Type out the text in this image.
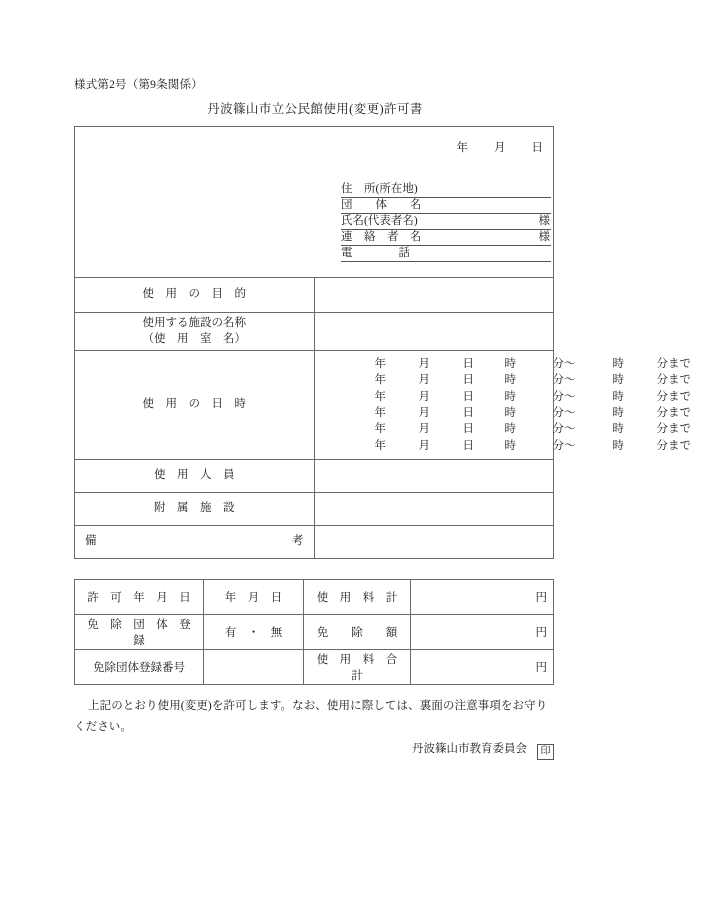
様式第2号（第9条関係）
丹波篠山市立公民館使用(変更)許可書
年 月 日
住　所(所在地)
団　　体　　名
氏名(代表者名)	様
連　絡　者　名	様
電　　　　話

使　用　の　目　的	

使用する施設の名称
（使　用　室　名）	

使　用　の　日　時	
年	月	日	時	分〜	時	分まで
年	月	日	時	分〜	時	分まで
年	月	日	時	分〜	時	分まで
年	月	日	時	分〜	時	分まで
年	月	日	時	分〜	時	分まで
年	月	日	時	分〜	時	分まで

使　用　人　員	
附　属　施　設	
備考	
許　可　年　月　日	年　月　日	使　用　料　計	円
免　除　団　体　登　録	有　・　無	免　　除　　額	円
免除団体登録番号		使　用　料　合　計	円
上記のとおり使用(変更)を許可します。なお、使用に際しては、裏面の注意事項をお守りください。
丹波篠山市教育委員会 印
